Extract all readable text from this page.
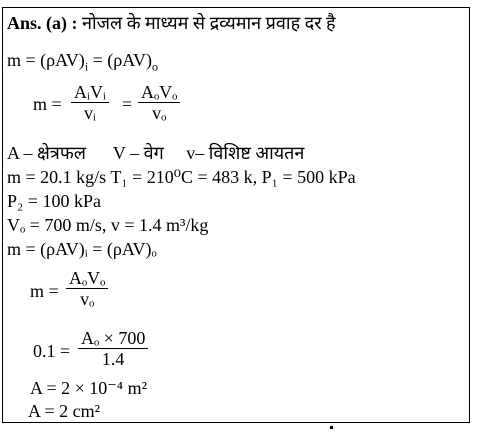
Ans. (a) : नोजल के माध्यम से द्रव्यमान प्रवाह दर है
$m = (\rho AV)_i = (\rho AV)_o$
m =
AᵢVᵢ
vᵢ	=
AₒVₒ
vₒ
A – क्षेत्रफल      V – वेग     v– विशिष्ट आयतन
m = 20.1 kg/s T₁ = 210⁰C = 483 k, P₁ = 500 kPa
P₂ = 100 kPa
Vₒ = 700 m/s, v = 1.4 m³/kg
m = (ρAV)ᵢ = (ρAV)ₒ
m =
AₒVₒ
vₒ
0.1 =
Aₒ × 700
1.4
A = 2 × 10⁻⁴ m²
A = 2 cm²
